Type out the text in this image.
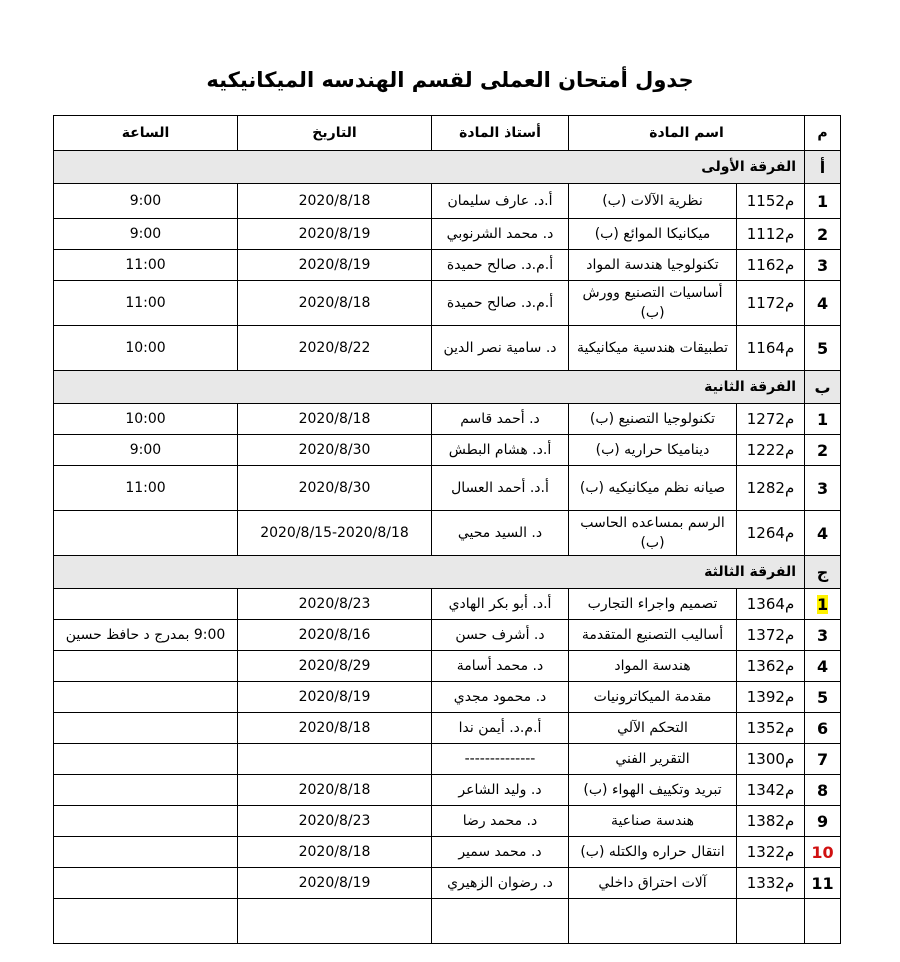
جدول أمتحان العملى لقسم الهندسه الميكانيكيه
م	اسم المادة		أستاذ المادة	التاريخ	الساعة
أ	الفرقة الأولى				
1	م1152	نظرية الآلات (ب)	أ.د. عارف سليمان	2020/8/18	9:00
2	م1112	ميكانيكا الموائع (ب)	د. محمد الشرنوبي	2020/8/19	9:00
3	م1162	تكنولوجيا هندسة المواد	أ.م.د. صالح حميدة	2020/8/19	11:00
4	م1172	أساسيات التصنيع وورش (ب)	أ.م.د. صالح حميدة	2020/8/18	11:00
5	م1164	تطبيقات هندسية ميكانيكية	د. سامية نصر الدين	2020/8/22	10:00
ب	الفرقة الثانية				
1	م1272	تكنولوجيا التصنيع (ب)	د. أحمد قاسم	2020/8/18	10:00
2	م1222	ديناميكا حراريه (ب)	أ.د. هشام البطش	2020/8/30	9:00
3	م1282	صيانه نظم ميكانيكيه (ب)	أ.د. أحمد العسال	2020/8/30	11:00
4	م1264	الرسم بمساعده الحاسب (ب)	د. السيد محيي	2020/8/15-2020/8/18	
ج	الفرقة الثالثة				
1	م1364	تصميم واجراء التجارب	أ.د. أبو بكر الهادي	2020/8/23	
3	م1372	أساليب التصنيع المتقدمة	د. أشرف حسن	2020/8/16	9:00 بمدرج د حافظ حسين
4	م1362	هندسة المواد	د. محمد أسامة	2020/8/29	
5	م1392	مقدمة الميكاترونيات	د. محمود مجدي	2020/8/19	
6	م1352	التحكم الآلي	أ.م.د. أيمن ندا	2020/8/18	
7	م1300	التقرير الفني	--------------		
8	م1342	تبريد وتكييف الهواء (ب)	د. وليد الشاعر	2020/8/18	
9	م1382	هندسة صناعية	د. محمد رضا	2020/8/23	
10	م1322	انتقال حراره والكتله (ب)	د. محمد سمير	2020/8/18	
11	م1332	آلات احتراق داخلي	د. رضوان الزهيري	2020/8/19	
